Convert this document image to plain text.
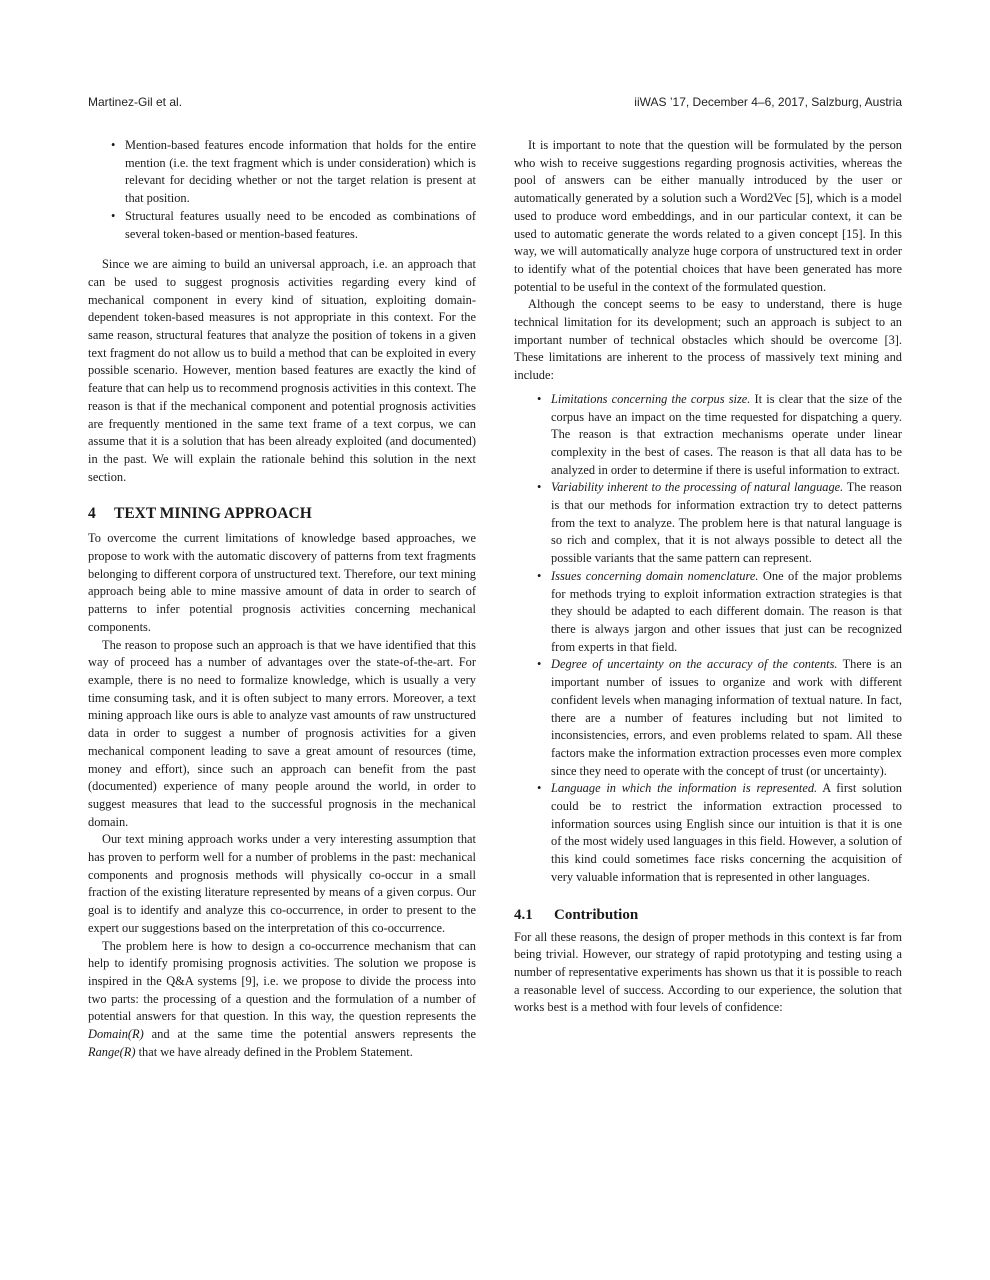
Martinez-Gil et al.	iiWAS ’17, December 4–6, 2017, Salzburg, Austria
• Mention-based features encode information that holds for the entire mention (i.e. the text fragment which is under consideration) which is relevant for deciding whether or not the target relation is present at that position.
• Structural features usually need to be encoded as combinations of several token-based or mention-based features.

Since we are aiming to build an universal approach, i.e. an approach that can be used to suggest prognosis activities regarding every kind of mechanical component in every kind of situation, exploiting domain-dependent token-based measures is not appropriate in this context. For the same reason, structural features that analyze the position of tokens in a given text fragment do not allow us to build a method that can be exploited in every possible scenario. However, mention based features are exactly the kind of feature that can help us to recommend prognosis activities in this context. The reason is that if the mechanical component and potential prognosis activities are frequently mentioned in the same text frame of a text corpus, we can assume that it is a solution that has been already exploited (and documented) in the past. We will explain the rationale behind this solution in the next section.

4 TEXT MINING APPROACH

To overcome the current limitations of knowledge based approaches, we propose to work with the automatic discovery of patterns from text fragments belonging to different corpora of unstructured text. Therefore, our text mining approach being able to mine massive amount of data in order to search of patterns to infer potential prognosis activities concerning mechanical components.

The reason to propose such an approach is that we have identified that this way of proceed has a number of advantages over the state-of-the-art. For example, there is no need to formalize knowledge, which is usually a very time consuming task, and it is often subject to many errors. Moreover, a text mining approach like ours is able to analyze vast amounts of raw unstructured data in order to suggest a number of prognosis activities for a given mechanical component leading to save a great amount of resources (time, money and effort), since such an approach can benefit from the past (documented) experience of many people around the world, in order to suggest measures that lead to the successful prognosis in the mechanical domain.

Our text mining approach works under a very interesting assumption that has proven to perform well for a number of problems in the past: mechanical components and prognosis methods will physically co-occur in a small fraction of the existing literature represented by means of a given corpus. Our goal is to identify and analyze this co-occurrence, in order to present to the expert our suggestions based on the interpretation of this co-occurrence.

The problem here is how to design a co-occurrence mechanism that can help to identify promising prognosis activities. The solution we propose is inspired in the Q&A systems [9], i.e. we propose to divide the process into two parts: the processing of a question and the formulation of a number of potential answers for that question. In this way, the question represents the Domain(R) and at the same time the potential answers represents the Range(R) that we have already defined in the Problem Statement.

It is important to note that the question will be formulated by the person who wish to receive suggestions regarding prognosis activities, whereas the pool of answers can be either manually introduced by the user or automatically generated by a solution such a Word2Vec [5], which is a model used to produce word embeddings, and in our particular context, it can be used to automatic generate the words related to a given concept [15]. In this way, we will automatically analyze huge corpora of unstructured text in order to identify what of the potential choices that have been generated has more potential to be useful in the context of the formulated question.

Although the concept seems to be easy to understand, there is huge technical limitation for its development; such an approach is subject to an important number of technical obstacles which should be overcome [3]. These limitations are inherent to the process of massively text mining and include:

• Limitations concerning the corpus size. It is clear that the size of the corpus have an impact on the time requested for dispatching a query. The reason is that extraction mechanisms operate under linear complexity in the best of cases. The reason is that all data has to be analyzed in order to determine if there is useful information to extract.
• Variability inherent to the processing of natural language. The reason is that our methods for information extraction try to detect patterns from the text to analyze. The problem here is that natural language is so rich and complex, that it is not always possible to detect all the possible variants that the same pattern can represent.
• Issues concerning domain nomenclature. One of the major problems for methods trying to exploit information extraction strategies is that they should be adapted to each different domain. The reason is that there is always jargon and other issues that just can be recognized from experts in that field.
• Degree of uncertainty on the accuracy of the contents. There is an important number of issues to organize and work with different confident levels when managing information of textual nature. In fact, there are a number of features including but not limited to inconsistencies, errors, and even problems related to spam. All these factors make the information extraction processes even more complex since they need to operate with the concept of trust (or uncertainty).
• Language in which the information is represented. A first solution could be to restrict the information extraction processed to information sources using English since our intuition is that it is one of the most widely used languages in this field. However, a solution of this kind could sometimes face risks concerning the acquisition of very valuable information that is represented in other languages.
4.1 Contribution

For all these reasons, the design of proper methods in this context is far from being trivial. However, our strategy of rapid prototyping and testing using a number of representative experiments has shown us that it is possible to reach a reasonable level of success. According to our experience, the solution that works best is a method with four levels of confidence:
